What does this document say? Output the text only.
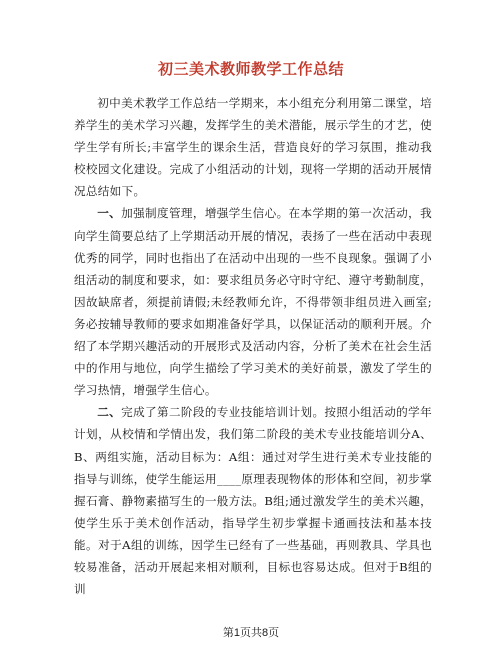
初三美术教师教学工作总结

初中美术教学工作总结一学期来，本小组充分利用第二课堂，培养学生的美术学习兴趣，发挥学生的美术潜能，展示学生的才艺，使学生学有所长;丰富学生的课余生活，营造良好的学习氛围，推动我校校园文化建设。完成了小组活动的计划，现将一学期的活动开展情况总结如下。

一、加强制度管理，增强学生信心。在本学期的第一次活动，我向学生简要总结了上学期活动开展的情况，表扬了一些在活动中表现优秀的同学，同时也指出了在活动中出现的一些不良现象。强调了小组活动的制度和要求，如：要求组员务必守时守纪、遵守考勤制度，因故缺席者，须提前请假;未经教师允许，不得带领非组员进入画室;务必按辅导教师的要求如期准备好学具，以保证活动的顺利开展。介绍了本学期兴趣活动的开展形式及活动内容，分析了美术在社会生活中的作用与地位，向学生描绘了学习美术的美好前景，激发了学生的学习热情，增强学生信心。

二、完成了第二阶段的专业技能培训计划。按照小组活动的学年计划，从校情和学情出发，我们第二阶段的美术专业技能培训分A、B、两组实施，活动目标为：A组：通过对学生进行美术专业技能的指导与训练，使学生能运用____原理表现物体的形体和空间，初步掌握石膏、静物素描写生的一般方法。B组;通过激发学生的美术兴趣，使学生乐于美术创作活动，指导学生初步掌握卡通画技法和基本技能。对于A组的训练，因学生已经有了一些基础，再则教具、学具也较易准备，活动开展起来相对顺利，目标也容易达成。但对于B组的训

第1页共8页
